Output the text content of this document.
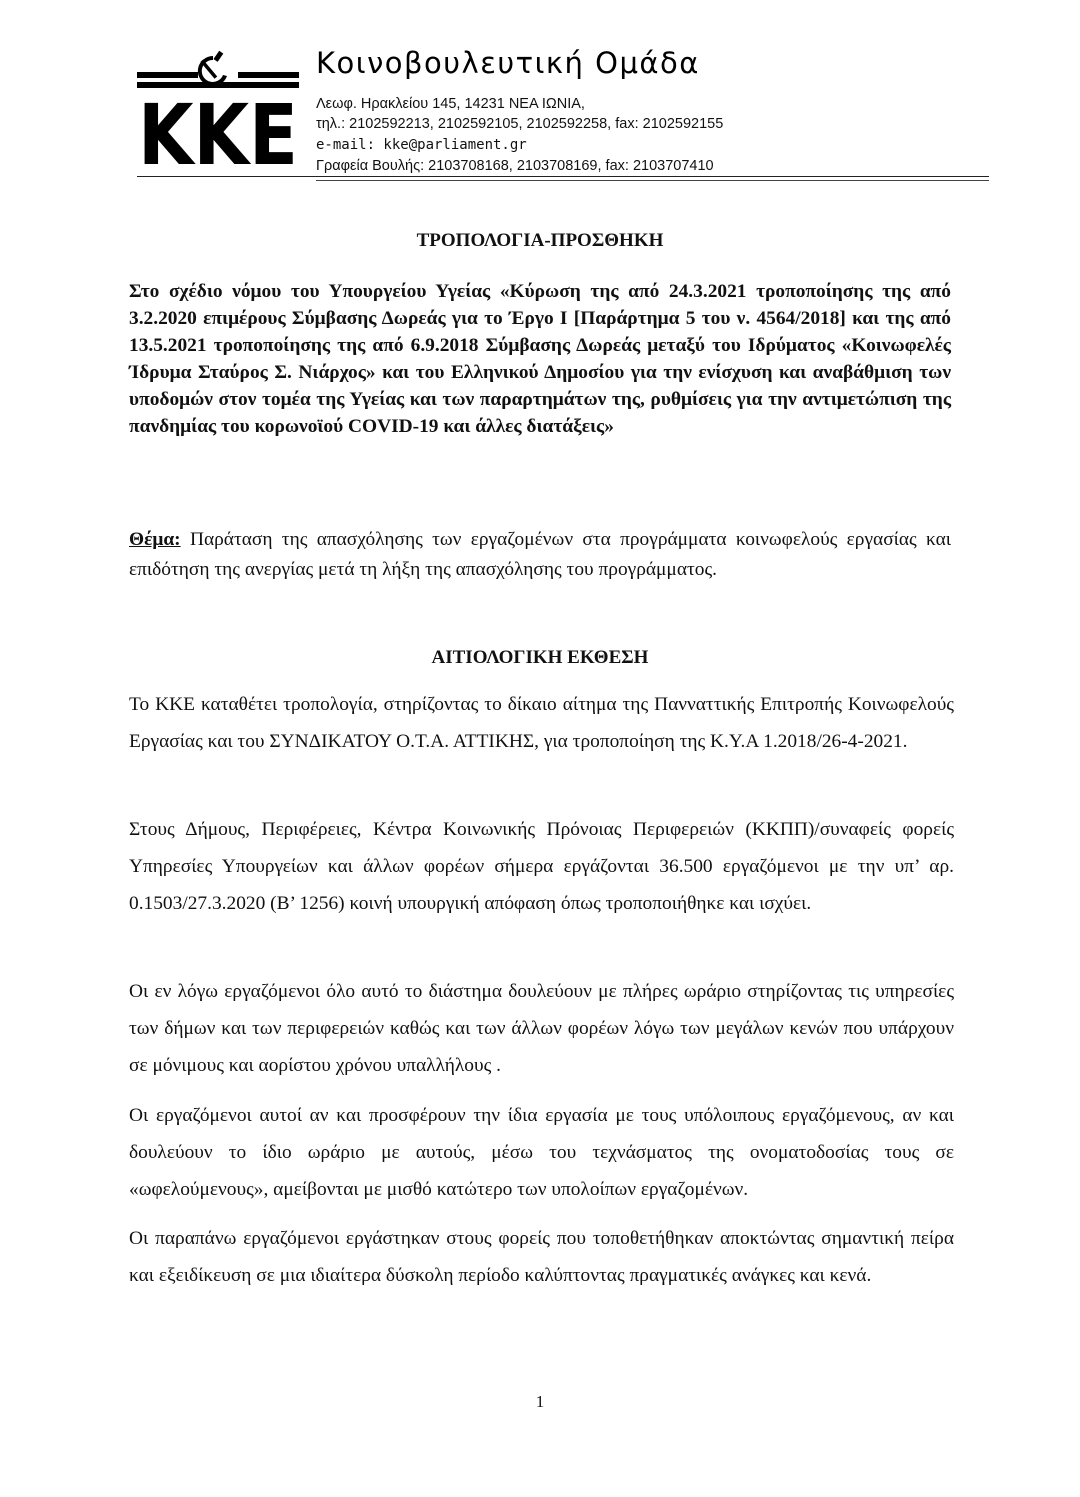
ΚΚΕ
Κοινοβουλευτική Ομάδα
Λεωφ. Ηρακλείου 145, 14231 ΝΕΑ ΙΩΝΙΑ,
τηλ.: 2102592213, 2102592105, 2102592258, fax: 2102592155
e-mail: kke@parliament.gr
Γραφεία Βουλής: 2103708168, 2103708169, fax: 2103707410
ΤΡΟΠΟΛΟΓΙΑ-ΠΡΟΣΘΗΚΗ
Στο σχέδιο νόμου του Υπουργείου Υγείας «Κύρωση της από 24.3.2021 τροποποίησης της από 3.2.2020 επιμέρους Σύμβασης Δωρεάς για το Έργο Ι [Παράρτημα 5 του ν. 4564/2018] και της από 13.5.2021 τροποποίησης της από 6.9.2018 Σύμβασης Δωρεάς μεταξύ του Ιδρύματος «Κοινωφελές Ίδρυμα Σταύρος Σ. Νιάρχος» και του Ελληνικού Δημοσίου για την ενίσχυση και αναβάθμιση των υποδομών στον τομέα της Υγείας και των παραρτημάτων της, ρυθμίσεις για την αντιμετώπιση της πανδημίας του κορωνοϊού COVID-19 και άλλες διατάξεις»
Θέμα: Παράταση της απασχόλησης των εργαζομένων στα προγράμματα κοινωφελούς εργασίας και επιδότηση της ανεργίας μετά τη λήξη της απασχόλησης του προγράμματος.
ΑΙΤΙΟΛΟΓΙΚΗ ΕΚΘΕΣΗ
Το ΚΚΕ καταθέτει τροπολογία, στηρίζοντας το δίκαιο αίτημα της Πανναττικής Επιτροπής Κοινωφελούς Εργασίας και του ΣΥΝΔΙΚΑΤΟΥ Ο.Τ.Α. ΑΤΤΙΚΗΣ, για τροποποίηση της Κ.Υ.Α 1.2018/26-4-2021.
Στους Δήμους, Περιφέρειες, Κέντρα Κοινωνικής Πρόνοιας Περιφερειών (ΚΚΠΠ)/συναφείς φορείς Υπηρεσίες Υπουργείων και άλλων φορέων σήμερα εργάζονται 36.500 εργαζόμενοι με την υπ’ αρ. 0.1503/27.3.2020 (Β’ 1256) κοινή υπουργική απόφαση όπως τροποποιήθηκε και ισχύει.
Οι εν λόγω εργαζόμενοι όλο αυτό το διάστημα δουλεύουν με πλήρες ωράριο στηρίζοντας τις υπηρεσίες των δήμων και των περιφερειών καθώς και των άλλων φορέων λόγω των μεγάλων κενών που υπάρχουν σε μόνιμους και αορίστου χρόνου υπαλλήλους .
Οι εργαζόμενοι αυτοί αν και προσφέρουν την ίδια εργασία με τους υπόλοιπους εργαζόμενους, αν και δουλεύουν το ίδιο ωράριο με αυτούς, μέσω του τεχνάσματος της ονοματοδοσίας τους σε «ωφελούμενους», αμείβονται με μισθό κατώτερο των υπολοίπων εργαζομένων.
Οι παραπάνω εργαζόμενοι εργάστηκαν στους φορείς που τοποθετήθηκαν αποκτώντας σημαντική πείρα και εξειδίκευση σε μια ιδιαίτερα δύσκολη περίοδο καλύπτοντας πραγματικές ανάγκες και κενά.
1
